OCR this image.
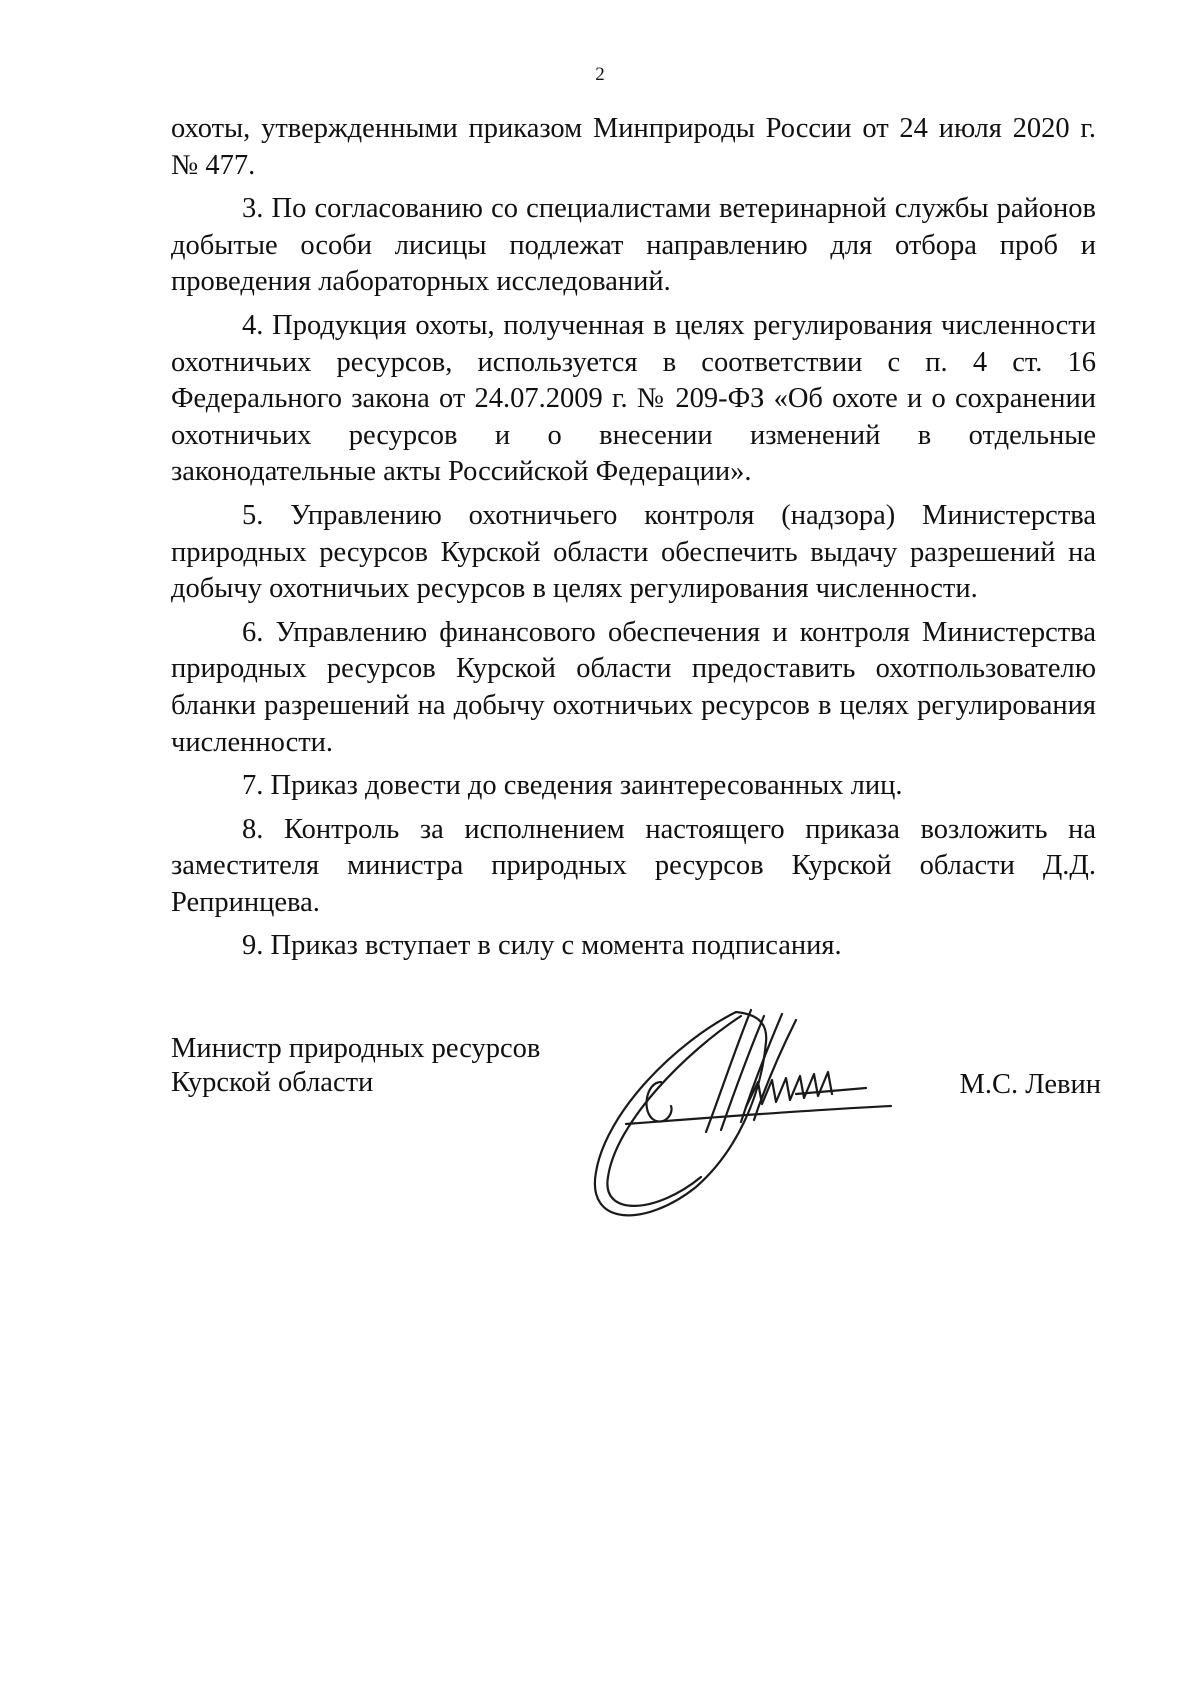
2

охоты, утвержденными приказом Минприроды России от 24 июля 2020 г. № 477.

3. По согласованию со специалистами ветеринарной службы районов добытые особи лисицы подлежат направлению для отбора проб и проведения лабораторных исследований.

4. Продукция охоты, полученная в целях регулирования численности охотничьих ресурсов, используется в соответствии с п. 4 ст. 16 Федерального закона от 24.07.2009 г. № 209-ФЗ «Об охоте и о сохранении охотничьих ресурсов и о внесении изменений в отдельные законодательные акты Российской Федерации».

5. Управлению охотничьего контроля (надзора) Министерства природных ресурсов Курской области обеспечить выдачу разрешений на добычу охотничьих ресурсов в целях регулирования численности.

6. Управлению финансового обеспечения и контроля Министерства природных ресурсов Курской области предоставить охотпользователю бланки разрешений на добычу охотничьих ресурсов в целях регулирования численности.

7. Приказ довести до сведения заинтересованных лиц.

8. Контроль за исполнением настоящего приказа возложить на заместителя министра природных ресурсов Курской области Д.Д. Репринцева.

9. Приказ вступает в силу с момента подписания.

Министр природных ресурсов
Курской области	М.С. Левин
